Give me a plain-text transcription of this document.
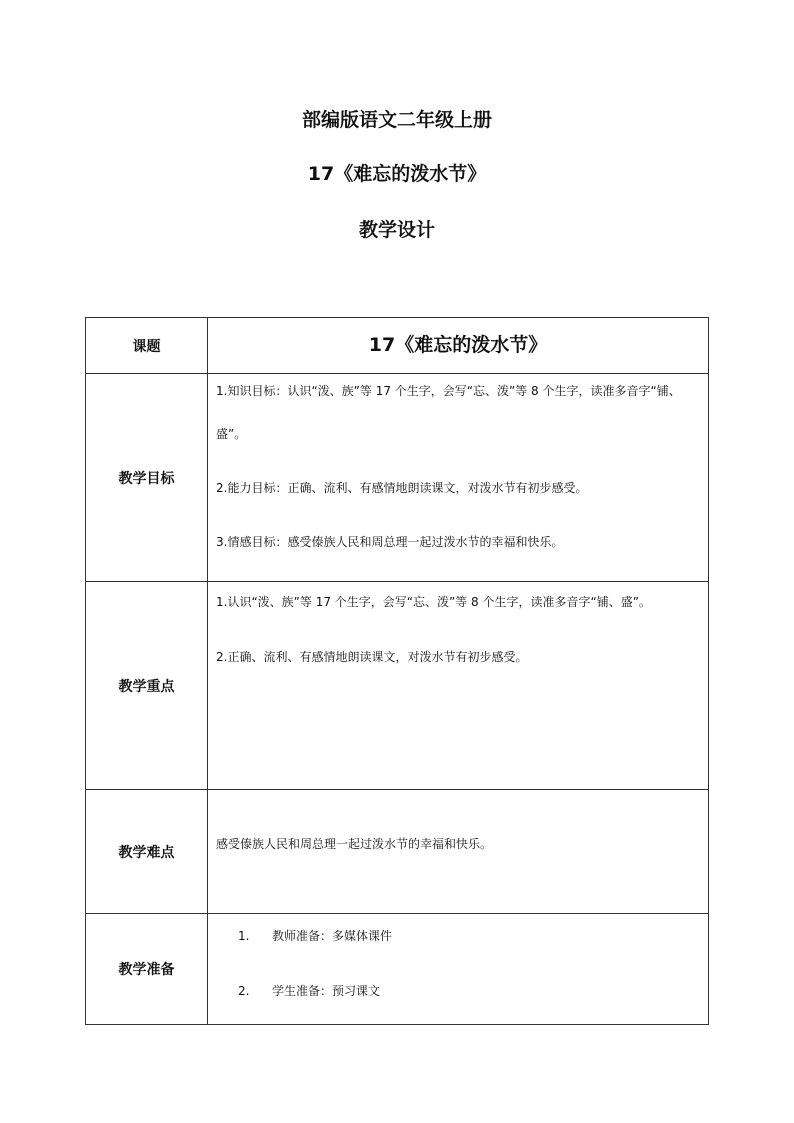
部编版语文二年级上册
17《难忘的泼水节》
教学设计
课题	17《难忘的泼水节》

教学目标	1.知识目标：认识“泼、族”等 17 个生字，会写“忘、泼”等 8 个生字，读准多音字“铺、盛”。
2.能力目标：正确、流利、有感情地朗读课文，对泼水节有初步感受。
3.情感目标：感受傣族人民和周总理一起过泼水节的幸福和快乐。

教学重点	1.认识“泼、族”等 17 个生字，会写“忘、泼”等 8 个生字，读准多音字“铺、盛”。
2.正确、流利、有感情地朗读课文，对泼水节有初步感受。

教学难点	感受傣族人民和周总理一起过泼水节的幸福和快乐。

教学准备	1. 教师准备：多媒体课件
2. 学生准备：预习课文
